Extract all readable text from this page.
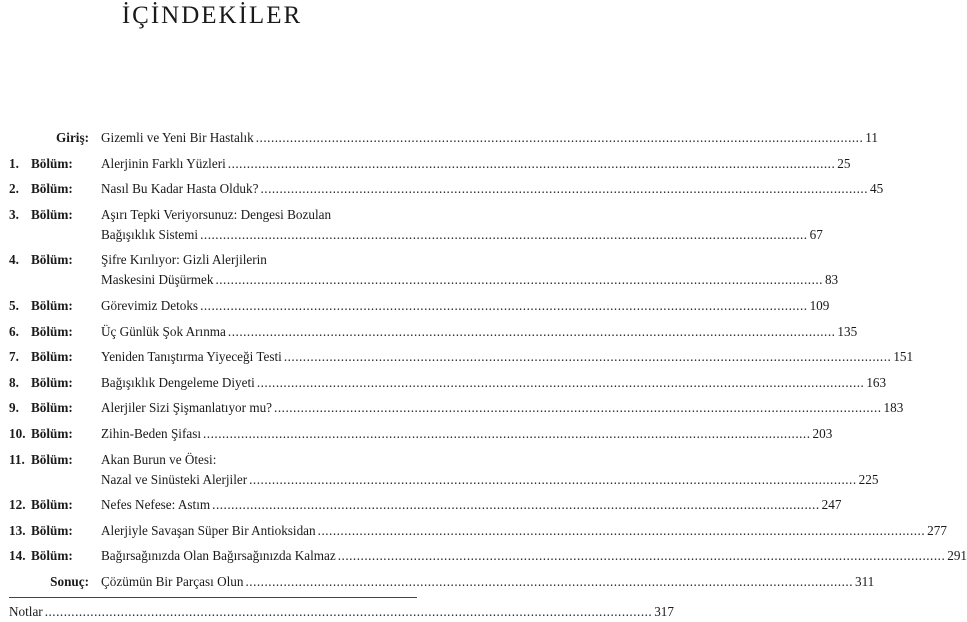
İÇİNDEKİLER
Giriş: Gizemli ve Yeni Bir Hastalık .....	11
1. Bölüm:	Alerjinin Farklı Yüzleri .....	25
2. Bölüm:	Nasıl Bu Kadar Hasta Olduk? .....	45
3. Bölüm:	Aşırı Tepki Veriyorsunuz: Dengesi Bozulan
Bağışıklık Sistemi .....	67
4. Bölüm:	Şifre Kırılıyor: Gizli Alerjilerin
Maskesini Düşürmek .....	83
5. Bölüm:	Görevimiz Detoks .....	109
6. Bölüm:	Üç Günlük Şok Arınma .....	135
7. Bölüm:	Yeniden Tanıştırma Yiyeceği Testi .....	151
8. Bölüm:	Bağışıklık Dengeleme Diyeti .....	163
9. Bölüm:	Alerjiler Sizi Şişmanlatıyor mu? .....	183
10. Bölüm:	Zihin-Beden Şifası .....	203
11. Bölüm:	Akan Burun ve Ötesi:
Nazal ve Sinüsteki Alerjiler .....	225
12. Bölüm:	Nefes Nefese: Astım .....	247
13. Bölüm:	Alerjiyle Savaşan Süper Bir Antioksidan .....	277
14. Bölüm:	Bağırsağınızda Olan Bağırsağınızda Kalmaz .....	291
Sonuç: Çözümün Bir Parçası Olun .....	311
Notlar .....	317
